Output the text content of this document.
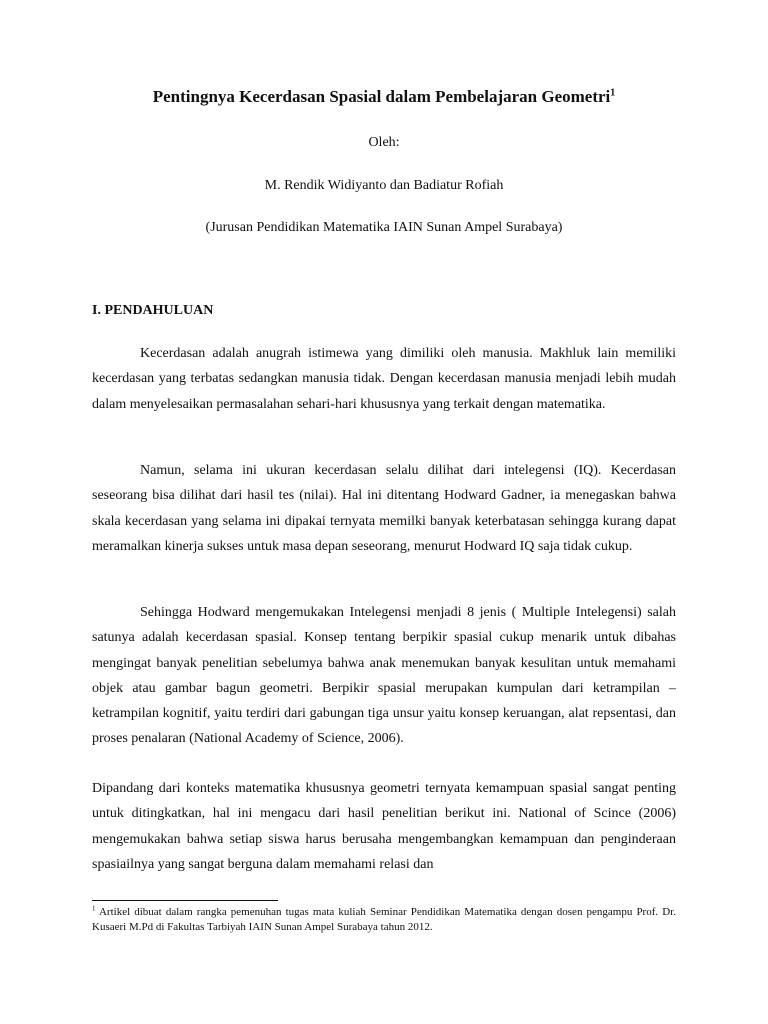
Pentingnya Kecerdasan Spasial dalam Pembelajaran Geometri$^1$
Oleh:
M. Rendik Widiyanto dan Badiatur Rofiah
(Jurusan Pendidikan Matematika IAIN Sunan Ampel Surabaya)
I. PENDAHULUAN

Kecerdasan adalah anugrah istimewa yang dimiliki oleh manusia. Makhluk lain memiliki kecerdasan yang terbatas sedangkan manusia tidak. Dengan kecerdasan manusia menjadi lebih mudah dalam menyelesaikan permasalahan sehari-hari khususnya yang terkait dengan matematika.

Namun, selama ini ukuran kecerdasan selalu dilihat dari intelegensi (IQ). Kecerdasan seseorang bisa dilihat dari hasil tes (nilai). Hal ini ditentang Hodward Gadner, ia menegaskan bahwa skala kecerdasan yang selama ini dipakai ternyata memilki banyak keterbatasan sehingga kurang dapat meramalkan kinerja sukses untuk masa depan seseorang, menurut Hodward IQ saja tidak cukup.

Sehingga Hodward mengemukakan Intelegensi menjadi 8 jenis ( Multiple Intelegensi) salah satunya adalah kecerdasan spasial. Konsep tentang berpikir spasial cukup menarik untuk dibahas mengingat banyak penelitian sebelumya bahwa anak menemukan banyak kesulitan untuk memahami objek atau gambar bagun geometri. Berpikir spasial merupakan kumpulan dari ketrampilan –ketrampilan kognitif, yaitu terdiri dari gabungan tiga unsur yaitu konsep keruangan, alat repsentasi, dan proses penalaran (National Academy of Science, 2006).

Dipandang dari konteks matematika khususnya geometri ternyata kemampuan spasial sangat penting untuk ditingkatkan, hal ini mengacu dari hasil penelitian berikut ini. National of Scince (2006) mengemukakan bahwa setiap siswa harus berusaha mengembangkan kemampuan dan penginderaan spasiailnya yang sangat berguna dalam memahami relasi dan

$^1$ Artikel dibuat dalam rangka pemenuhan tugas mata kuliah Seminar Pendidikan Matematika dengan dosen pengampu Prof. Dr. Kusaeri M.Pd di Fakultas Tarbiyah IAIN Sunan Ampel Surabaya tahun 2012.
